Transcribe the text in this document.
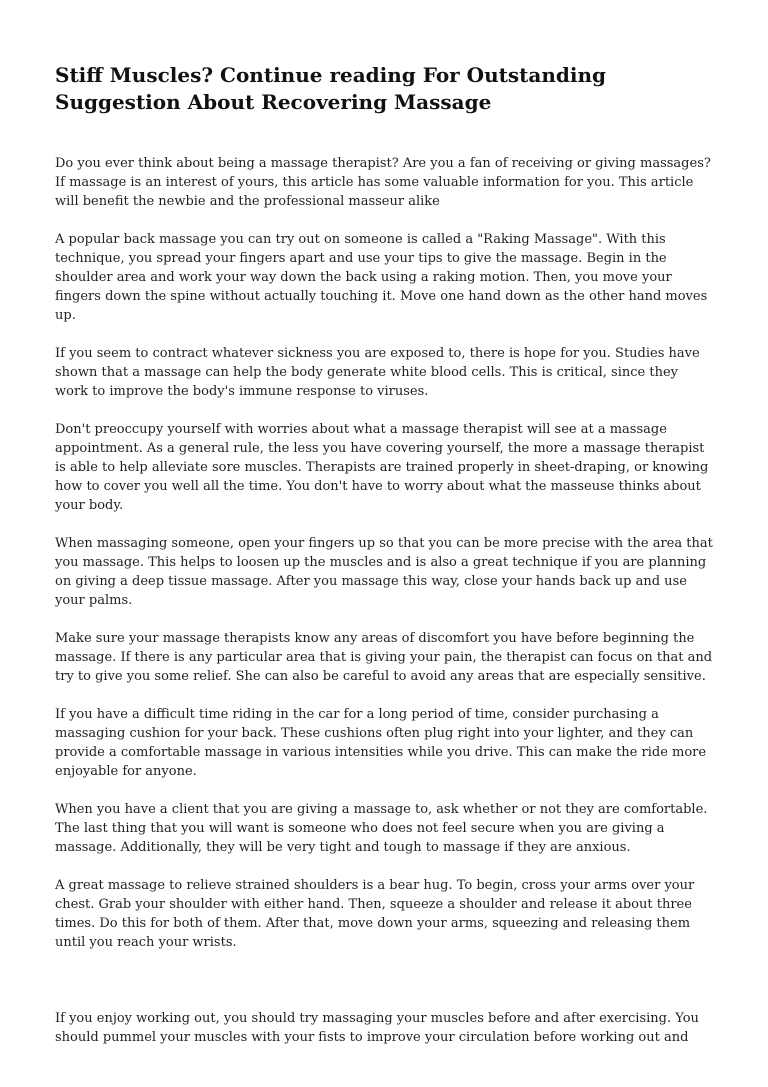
Stiff Muscles? Continue reading For Outstanding Suggestion About Recovering Massage

Do you ever think about being a massage therapist? Are you a fan of receiving or giving massages? If massage is an interest of yours, this article has some valuable information for you. This article will benefit the newbie and the professional masseur alike

A popular back massage you can try out on someone is called a "Raking Massage". With this technique, you spread your fingers apart and use your tips to give the massage. Begin in the shoulder area and work your way down the back using a raking motion. Then, you move your fingers down the spine without actually touching it. Move one hand down as the other hand moves up.

If you seem to contract whatever sickness you are exposed to, there is hope for you. Studies have shown that a massage can help the body generate white blood cells. This is critical, since they work to improve the body's immune response to viruses.

Don't preoccupy yourself with worries about what a massage therapist will see at a massage appointment. As a general rule, the less you have covering yourself, the more a massage therapist is able to help alleviate sore muscles. Therapists are trained properly in sheet-draping, or knowing how to cover you well all the time. You don't have to worry about what the masseuse thinks about your body.

When massaging someone, open your fingers up so that you can be more precise with the area that you massage. This helps to loosen up the muscles and is also a great technique if you are planning on giving a deep tissue massage. After you massage this way, close your hands back up and use your palms.

Make sure your massage therapists know any areas of discomfort you have before beginning the massage. If there is any particular area that is giving your pain, the therapist can focus on that and try to give you some relief. She can also be careful to avoid any areas that are especially sensitive.

If you have a difficult time riding in the car for a long period of time, consider purchasing a massaging cushion for your back. These cushions often plug right into your lighter, and they can provide a comfortable massage in various intensities while you drive. This can make the ride more enjoyable for anyone.

When you have a client that you are giving a massage to, ask whether or not they are comfortable. The last thing that you will want is someone who does not feel secure when you are giving a massage. Additionally, they will be very tight and tough to massage if they are anxious.

A great massage to relieve strained shoulders is a bear hug. To begin, cross your arms over your chest. Grab your shoulder with either hand. Then, squeeze a shoulder and release it about three times. Do this for both of them. After that, move down your arms, squeezing and releasing them until you reach your wrists.

If you enjoy working out, you should try massaging your muscles before and after exercising. You should pummel your muscles with your fists to improve your circulation before working out and
